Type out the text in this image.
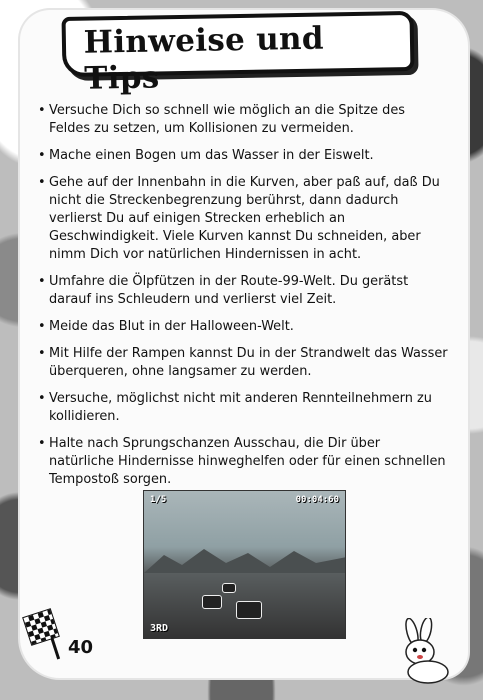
Hinweise und Tips
• Versuche Dich so schnell wie möglich an die Spitze des Feldes zu setzen, um Kollisionen zu vermeiden.
• Mache einen Bogen um das Wasser in der Eiswelt.
• Gehe auf der Innenbahn in die Kurven, aber paß auf, daß Du nicht die Streckenbegrenzung berührst, dann dadurch verlierst Du auf einigen Strecken erheblich an Geschwindigkeit. Viele Kurven kannst Du schneiden, aber nimm Dich vor natürlichen Hindernissen in acht.
• Umfahre die Ölpfützen in der Route-99-Welt. Du gerätst darauf ins Schleudern und verlierst viel Zeit.
• Meide das Blut in der Halloween-Welt.
• Mit Hilfe der Rampen kannst Du in der Strandwelt das Wasser überqueren, ohne langsamer zu werden.
• Versuche, möglichst nicht mit anderen Rennteilnehmern zu kollidieren.
• Halte nach Sprungschanzen Ausschau, die Dir über natürliche Hindernisse hinweghelfen oder für einen schnellen Tempostoß sorgen.
1/5	00:04:60
3RD
40
